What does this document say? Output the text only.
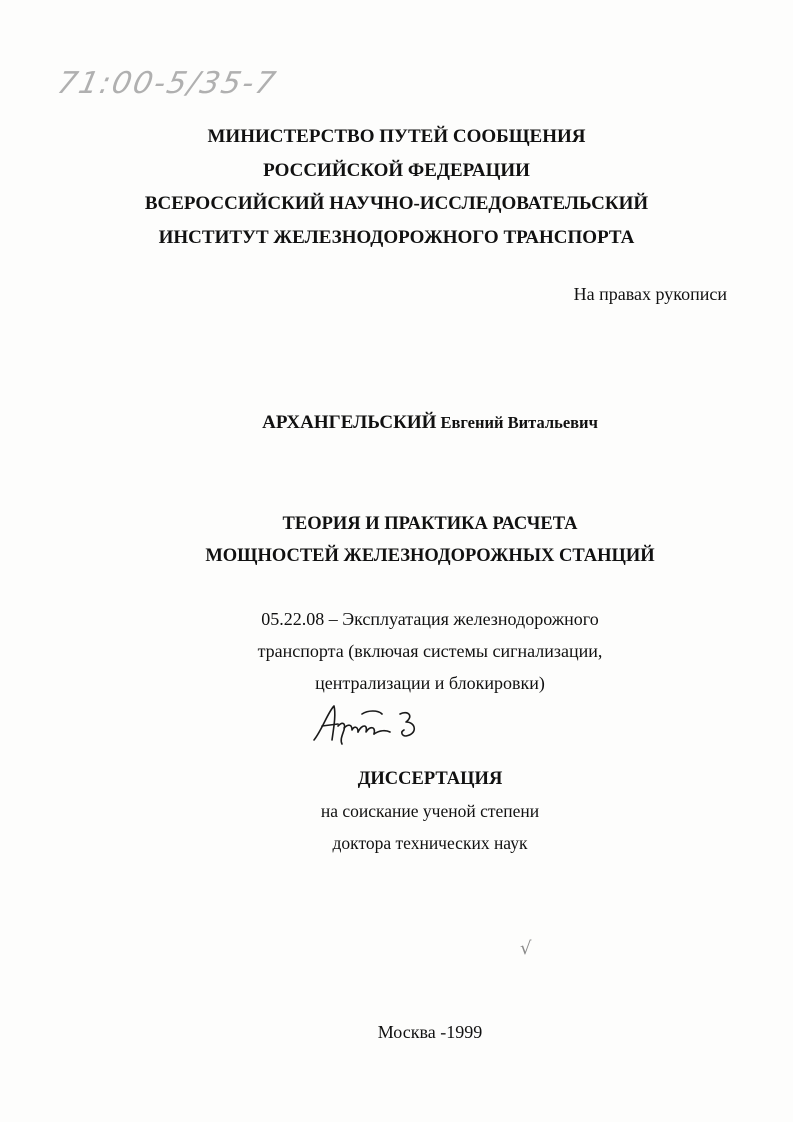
71:00-5/35-7
МИНИСТЕРСТВО ПУТЕЙ СООБЩЕНИЯ
РОССИЙСКОЙ ФЕДЕРАЦИИ
ВСЕРОССИЙСКИЙ НАУЧНО-ИССЛЕДОВАТЕЛЬСКИЙ
ИНСТИТУТ ЖЕЛЕЗНОДОРОЖНОГО ТРАНСПОРТА
На правах рукописи
АРХАНГЕЛЬСКИЙ Евгений Витальевич
ТЕОРИЯ И ПРАКТИКА РАСЧЕТА
МОЩНОСТЕЙ ЖЕЛЕЗНОДОРОЖНЫХ СТАНЦИЙ
05.22.08 – Эксплуатация железнодорожного
транспорта (включая системы сигнализации,
централизации и блокировки)
ДИССЕРТАЦИЯ
на соискание ученой степени
доктора технических наук
√
Москва -1999
